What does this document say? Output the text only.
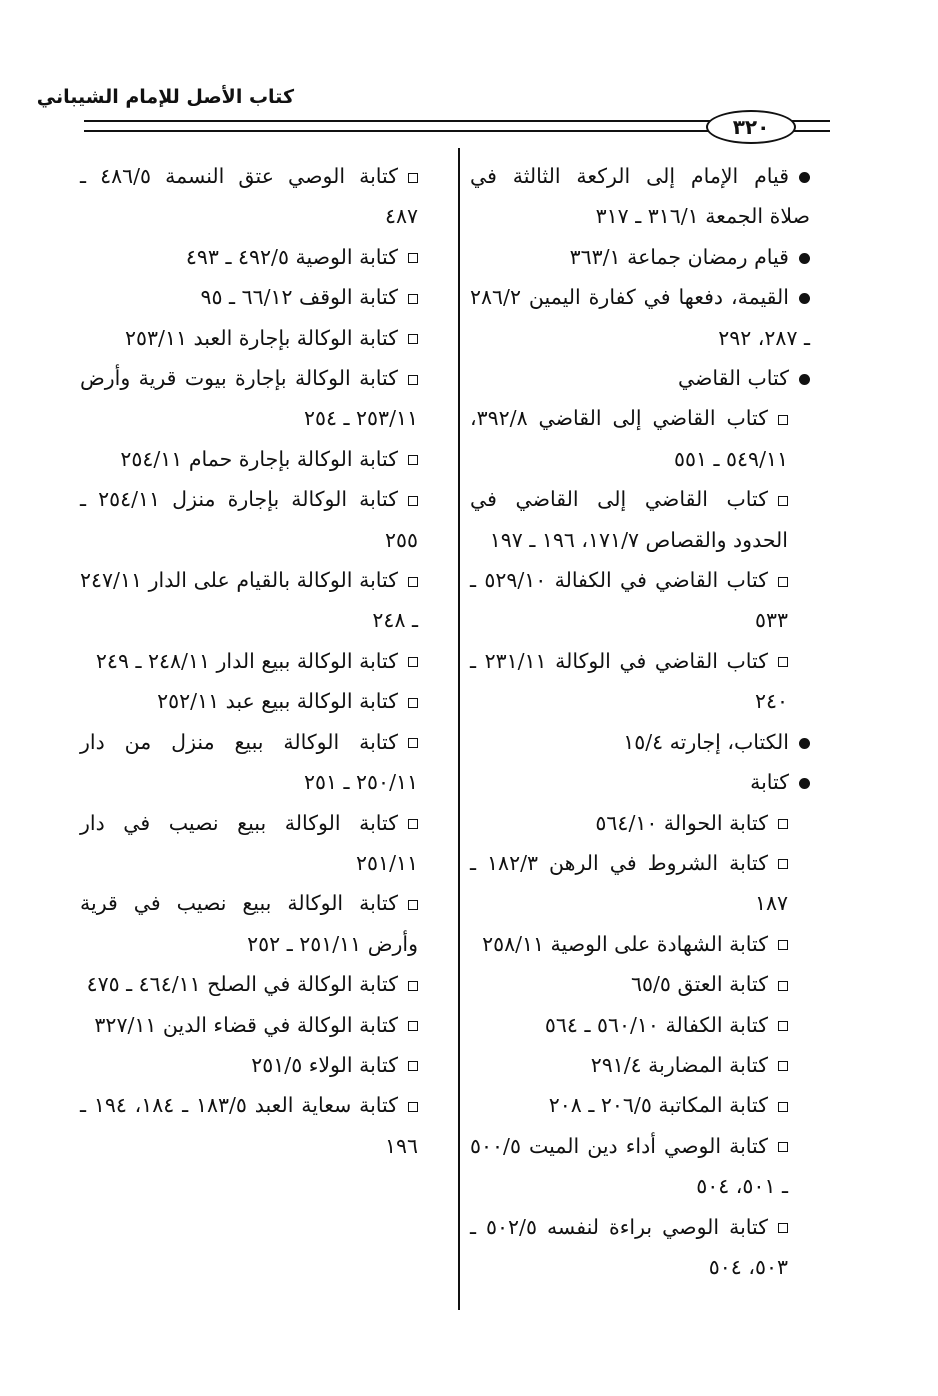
كتاب الأصل للإمام الشيباني
٣٢٠

قيام الإمام إلى الركعة الثالثة في صلاة الجمعة ٣١٦/١ ـ ٣١٧

قيام رمضان جماعة ٣٦٣/١

القيمة، دفعها في كفارة اليمين ٢٨٦/٢ ـ ٢٨٧، ٢٩٢

كتاب القاضي

كتاب القاضي إلى القاضي ٣٩٢/٨، ٥٤٩/١١ ـ ٥٥١

كتاب القاضي إلى القاضي في الحدود والقصاص ١٧١/٧، ١٩٦ ـ ١٩٧

كتاب القاضي في الكفالة ٥٢٩/١٠ ـ ٥٣٣

كتاب القاضي في الوكالة ٢٣١/١١ ـ ٢٤٠

الكتاب، إجارته ١٥/٤

كتابة

كتابة الحوالة ٥٦٤/١٠

كتابة الشروط في الرهن ١٨٢/٣ ـ ١٨٧

كتابة الشهادة على الوصية ٢٥٨/١١

كتابة العتق ٦٥/٥

كتابة الكفالة ٥٦٠/١٠ ـ ٥٦٤

كتابة المضاربة ٢٩١/٤

كتابة المكاتبة ٢٠٦/٥ ـ ٢٠٨

كتابة الوصي أداء دين الميت ٥٠٠/٥ ـ ٥٠١، ٥٠٤

كتابة الوصي براءة لنفسه ٥٠٢/٥ ـ ٥٠٣، ٥٠٤

كتابة الوصي عتق النسمة ٤٨٦/٥ ـ ٤٨٧

كتابة الوصية ٤٩٢/٥ ـ ٤٩٣

كتابة الوقف ٦٦/١٢ ـ ٩٥

كتابة الوكالة بإجارة العبد ٢٥٣/١١

كتابة الوكالة بإجارة بيوت قرية وأرض ٢٥٣/١١ ـ ٢٥٤

كتابة الوكالة بإجارة حمام ٢٥٤/١١

كتابة الوكالة بإجارة منزل ٢٥٤/١١ ـ ٢٥٥

كتابة الوكالة بالقيام على الدار ٢٤٧/١١ ـ ٢٤٨

كتابة الوكالة ببيع الدار ٢٤٨/١١ ـ ٢٤٩

كتابة الوكالة ببيع عبد ٢٥٢/١١

كتابة الوكالة ببيع منزل من دار ٢٥٠/١١ ـ ٢٥١

كتابة الوكالة ببيع نصيب في دار ٢٥١/١١

كتابة الوكالة ببيع نصيب في قرية وأرض ٢٥١/١١ ـ ٢٥٢

كتابة الوكالة في الصلح ٤٦٤/١١ ـ ٤٧٥

كتابة الوكالة في قضاء الدين ٣٢٧/١١

كتابة الولاء ٢٥١/٥

كتابة سعاية العبد ١٨٣/٥ ـ ١٨٤، ١٩٤ ـ ١٩٦
